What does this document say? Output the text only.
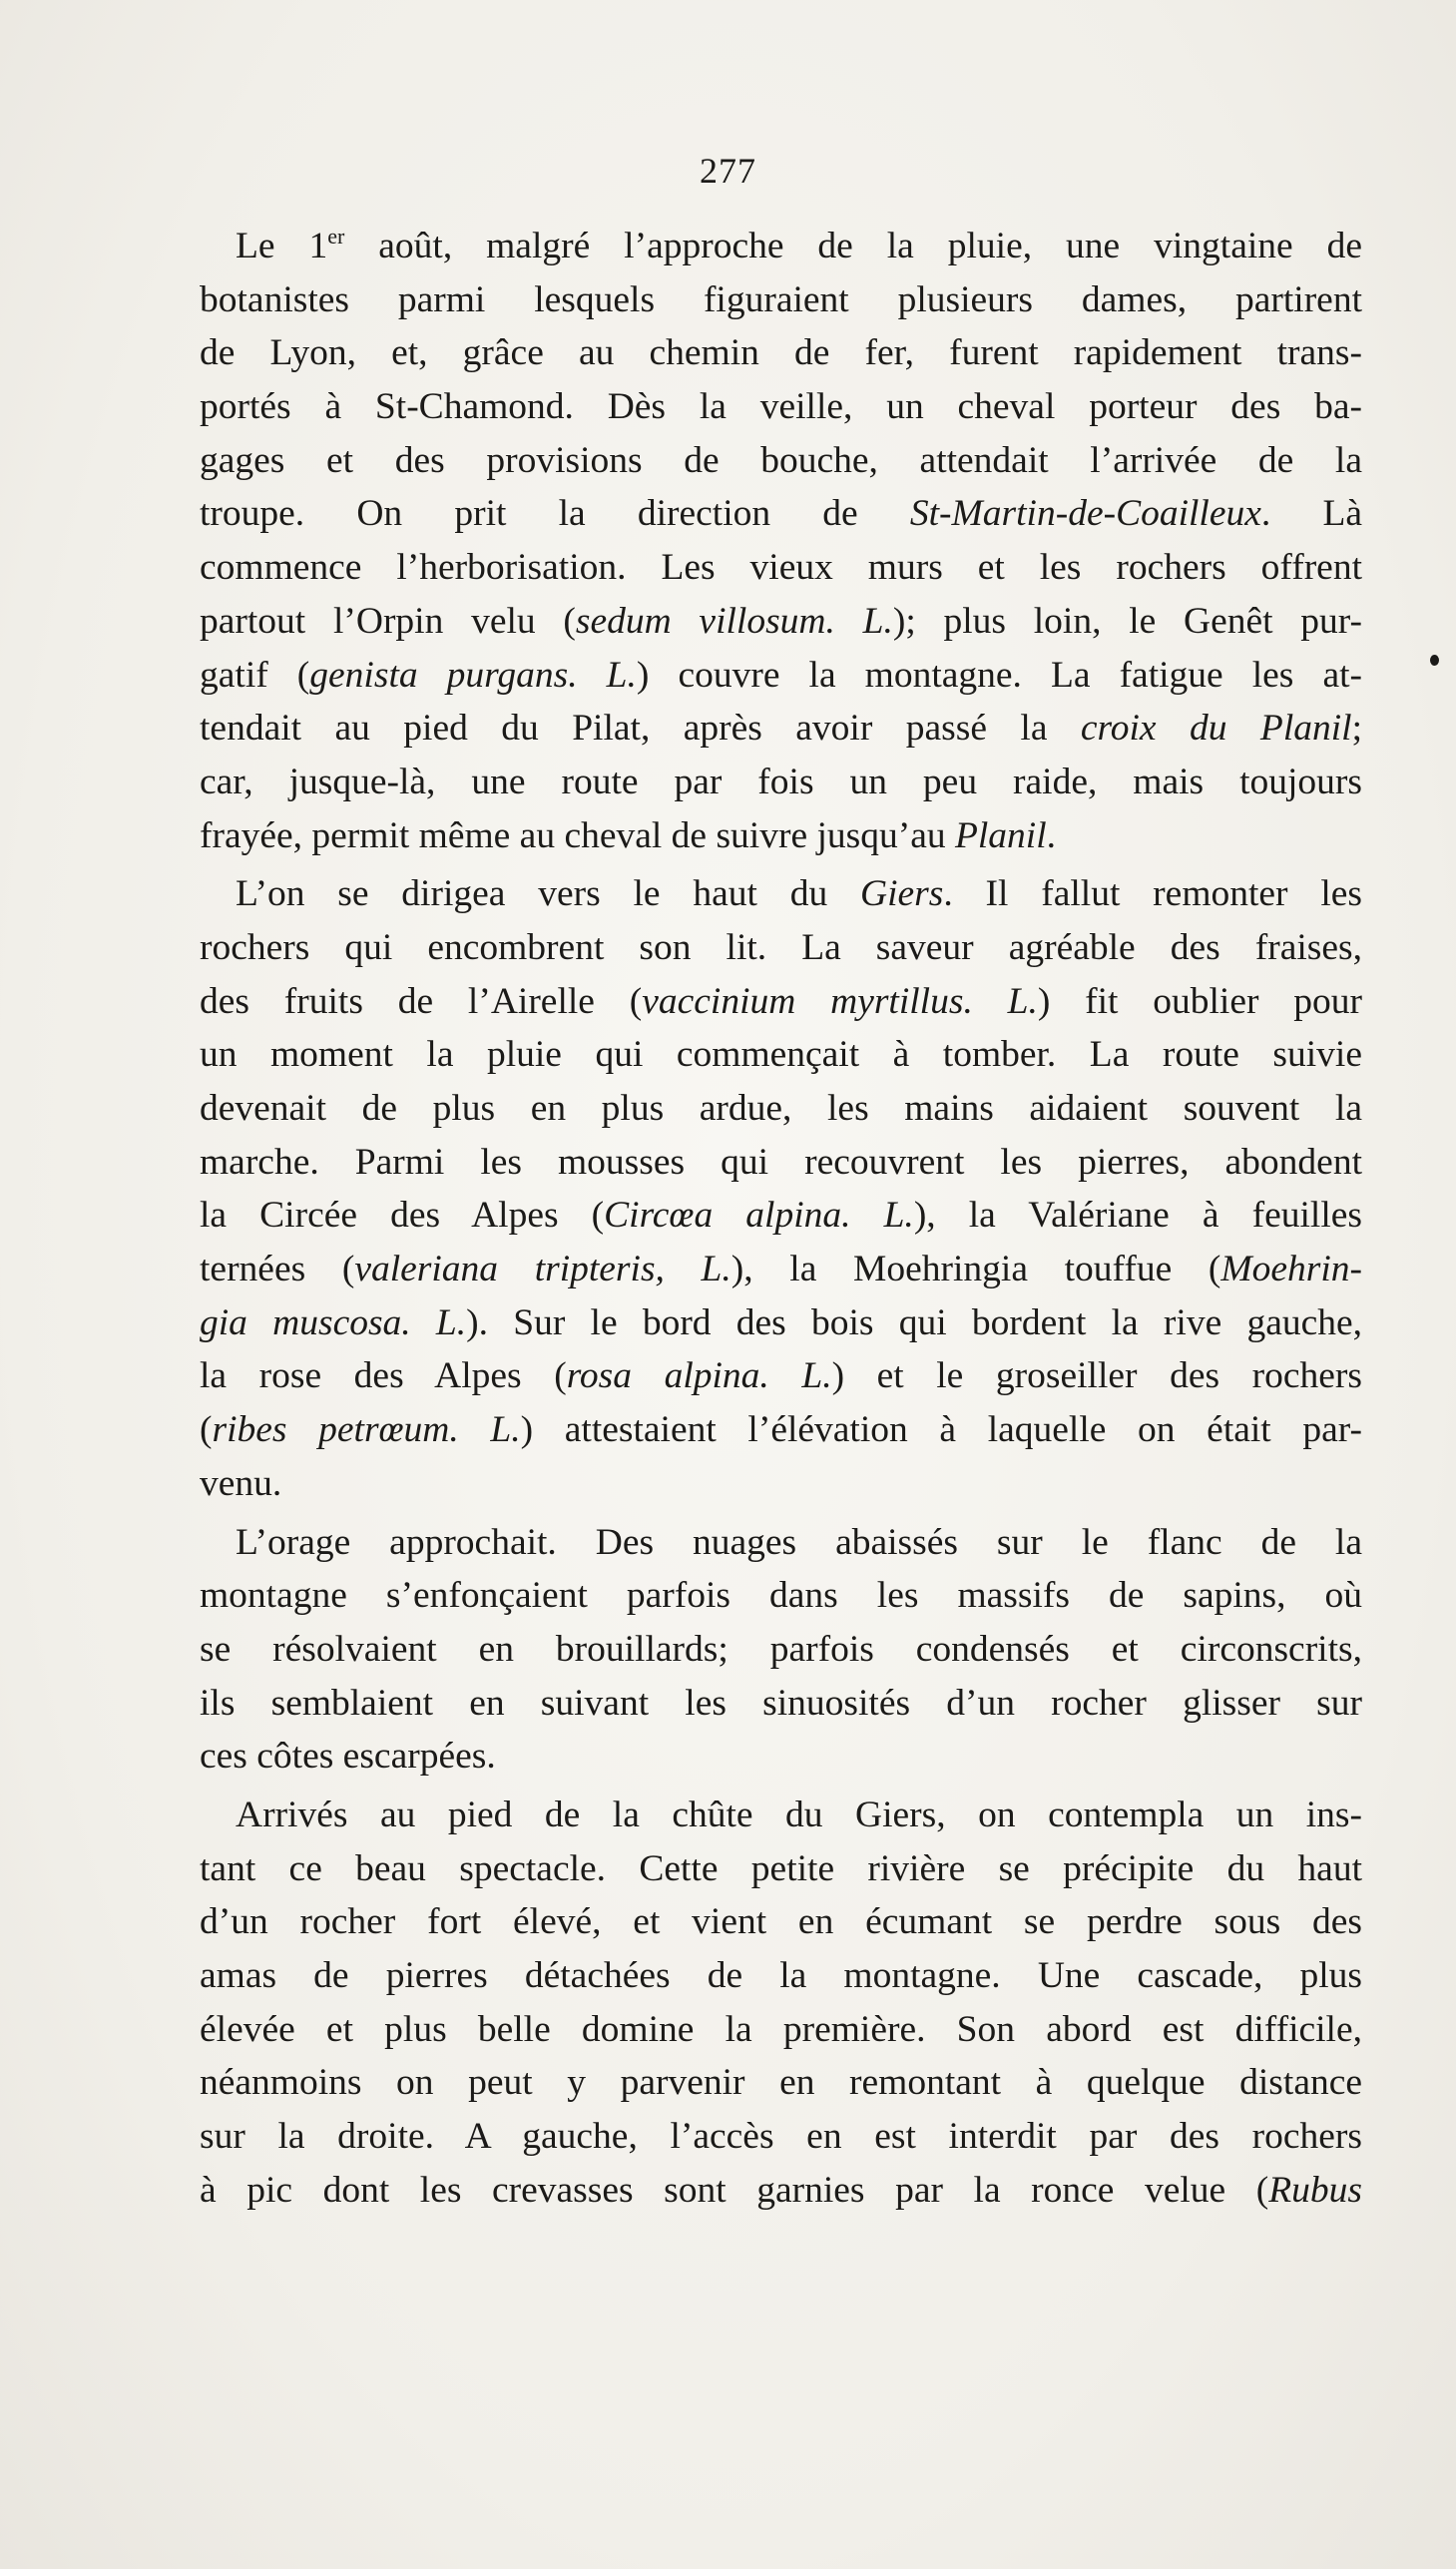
277
Le 1er août, malgré l’approche de la pluie, une vingtaine de
botanistes parmi lesquels figuraient plusieurs dames, partirent
de Lyon, et, grâce au chemin de fer, furent rapidement trans-
portés à St-Chamond. Dès la veille, un cheval porteur des ba-
gages et des provisions de bouche, attendait l’arrivée de la
troupe. On prit la direction de St-Martin-de-Coailleux. Là
commence l’herborisation. Les vieux murs et les rochers offrent
partout l’Orpin velu (sedum villosum. L.); plus loin, le Genêt pur-
gatif (genista purgans. L.) couvre la montagne. La fatigue les at-
tendait au pied du Pilat, après avoir passé la croix du Planil;
car, jusque-là, une route par fois un peu raide, mais toujours
frayée, permit même au cheval de suivre jusqu’au Planil.
L’on se dirigea vers le haut du Giers. Il fallut remonter les
rochers qui encombrent son lit. La saveur agréable des fraises,
des fruits de l’Airelle (vaccinium myrtillus. L.) fit oublier pour
un moment la pluie qui commençait à tomber. La route suivie
devenait de plus en plus ardue, les mains aidaient souvent la
marche. Parmi les mousses qui recouvrent les pierres, abondent
la Circée des Alpes (Circœa alpina. L.), la Valériane à feuilles
ternées (valeriana tripteris, L.), la Moehringia touffue (Moehrin-
gia muscosa. L.). Sur le bord des bois qui bordent la rive gauche,
la rose des Alpes (rosa alpina. L.) et le groseiller des rochers
(ribes petrœum. L.) attestaient l’élévation à laquelle on était par-
venu.
L’orage approchait. Des nuages abaissés sur le flanc de la
montagne s’enfonçaient parfois dans les massifs de sapins, où
se résolvaient en brouillards; parfois condensés et circonscrits,
ils semblaient en suivant les sinuosités d’un rocher glisser sur
ces côtes escarpées.
Arrivés au pied de la chûte du Giers, on contempla un ins-
tant ce beau spectacle. Cette petite rivière se précipite du haut
d’un rocher fort élevé, et vient en écumant se perdre sous des
amas de pierres détachées de la montagne. Une cascade, plus
élevée et plus belle domine la première. Son abord est difficile,
néanmoins on peut y parvenir en remontant à quelque distance
sur la droite. A gauche, l’accès en est interdit par des rochers
à pic dont les crevasses sont garnies par la ronce velue (Rubus
